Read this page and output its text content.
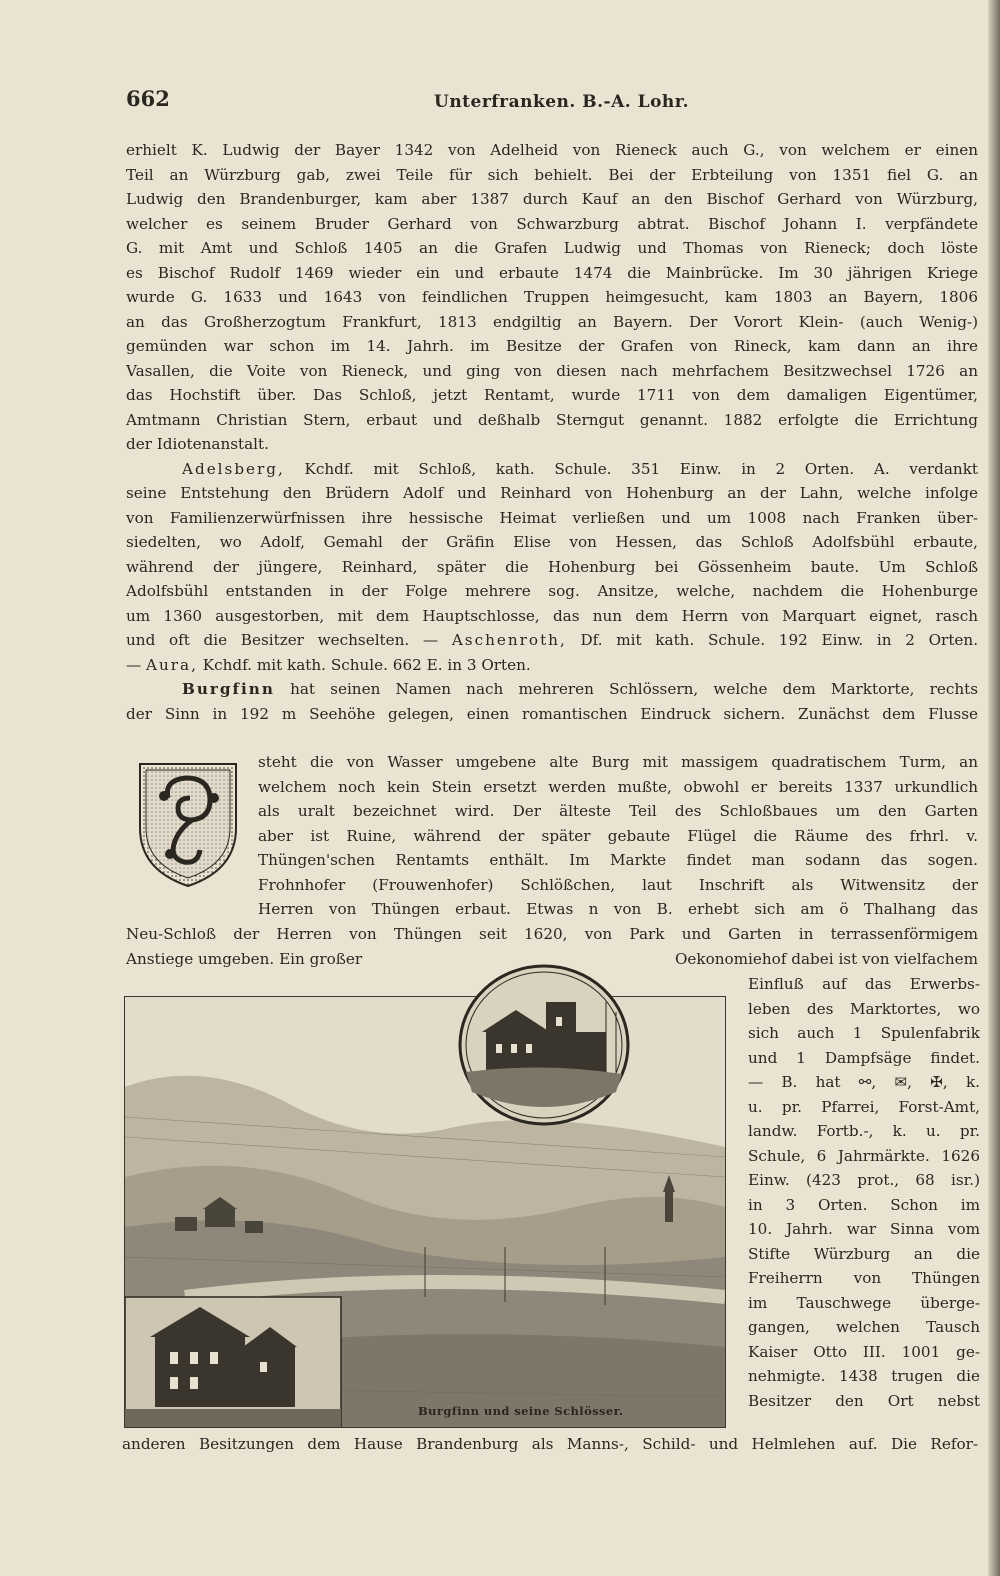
662	Unterfranken. B.-A. Lohr.
erhielt K. Ludwig der Bayer 1342 von Adelheid von Rieneck auch G., von welchem er einen
Teil an Würzburg gab, zwei Teile für sich behielt. Bei der Erbteilung von 1351 fiel G. an
Ludwig den Brandenburger, kam aber 1387 durch Kauf an den Bischof Gerhard von Würzburg,
welcher es seinem Bruder Gerhard von Schwarzburg abtrat. Bischof Johann I. verpfändete
G. mit Amt und Schloß 1405 an die Grafen Ludwig und Thomas von Rieneck; doch löste
es Bischof Rudolf 1469 wieder ein und erbaute 1474 die Mainbrücke. Im 30 jährigen Kriege
wurde G. 1633 und 1643 von feindlichen Truppen heimgesucht, kam 1803 an Bayern, 1806
an das Großherzogtum Frankfurt, 1813 endgiltig an Bayern. Der Vorort Klein- (auch Wenig-)
gemünden war schon im 14. Jahrh. im Besitze der Grafen von Rineck, kam dann an ihre
Vasallen, die Voite von Rieneck, und ging von diesen nach mehrfachem Besitzwechsel 1726 an
das Hochstift über. Das Schloß, jetzt Rentamt, wurde 1711 von dem damaligen Eigentümer,
Amtmann Christian Stern, erbaut und deßhalb Sterngut genannt. 1882 erfolgte die Errichtung
der Idiotenanstalt.
Adelsberg, Kchdf. mit Schloß, kath. Schule. 351 Einw. in 2 Orten. A. verdankt
seine Entstehung den Brüdern Adolf und Reinhard von Hohenburg an der Lahn, welche infolge
von Familienzerwürfnissen ihre hessische Heimat verließen und um 1008 nach Franken über-
siedelten, wo Adolf, Gemahl der Gräfin Elise von Hessen, das Schloß Adolfsbühl erbaute,
während der jüngere, Reinhard, später die Hohenburg bei Gössenheim baute. Um Schloß
Adolfsbühl entstanden in der Folge mehrere sog. Ansitze, welche, nachdem die Hohenburge
um 1360 ausgestorben, mit dem Hauptschlosse, das nun dem Herrn von Marquart eignet, rasch
und oft die Besitzer wechselten. — Aschenroth, Df. mit kath. Schule. 192 Einw. in 2 Orten.
— Aura, Kchdf. mit kath. Schule. 662 E. in 3 Orten.
Burgfinn hat seinen Namen nach mehreren Schlössern, welche dem Marktorte, rechts
der Sinn in 192 m Seehöhe gelegen, einen romantischen Eindruck sichern. Zunächst dem Flusse
steht die von Wasser umgebene alte Burg mit massigem quadratischem Turm, an
welchem noch kein Stein ersetzt werden mußte, obwohl er bereits 1337 urkundlich
als uralt bezeichnet wird. Der älteste Teil des Schloßbaues um den Garten
aber ist Ruine, während der später gebaute Flügel die Räume des frhrl. v.
Thüngen'schen Rentamts enthält. Im Markte findet man sodann das sogen.
Frohnhofer (Frouwenhofer) Schlößchen, laut Inschrift als Witwensitz der
Herren von Thüngen erbaut. Etwas n von B. erhebt sich am ö Thalhang das
Neu-Schloß der Herren von Thüngen seit 1620, von Park und Garten in terrassenförmigem
Anstiege umgeben. Ein großer	Oekonomiehof dabei ist von vielfachem
Burgfinn und seine Schlösser.
Einfluß auf das Erwerbs-
leben des Marktortes, wo
sich auch 1 Spulenfabrik
und 1 Dampfsäge findet.
— B. hat ⚯, ✉, ✠, k.
u. pr. Pfarrei, Forst-Amt,
landw. Fortb.-, k. u. pr.
Schule, 6 Jahrmärkte. 1626
Einw. (423 prot., 68 isr.)
in 3 Orten. Schon im
10. Jahrh. war Sinna vom
Stifte Würzburg an die
Freiherrn von Thüngen
im Tauschwege überge-
gangen, welchen Tausch
Kaiser Otto III. 1001 ge-
nehmigte. 1438 trugen die
Besitzer den Ort nebst
anderen Besitzungen dem Hause Brandenburg als Manns-, Schild- und Helmlehen auf. Die Refor-
